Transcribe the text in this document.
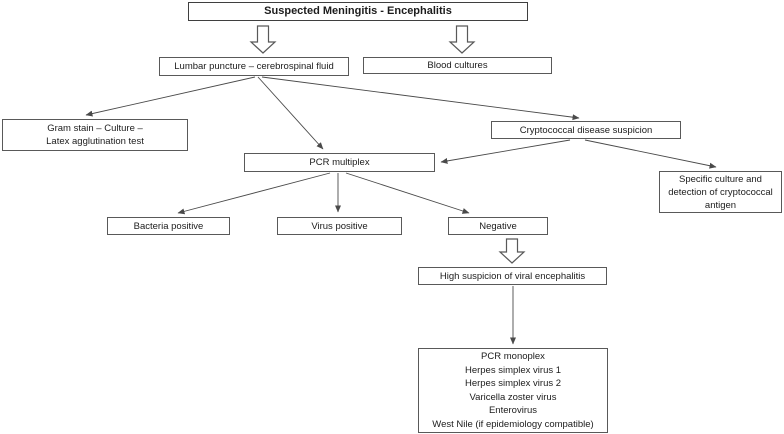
Suspected Meningitis - Encephalitis
Lumbar puncture – cerebrospinal fluid	Blood cultures
Gram stain – Culture –
Latex agglutination test
Cryptococcal disease suspicion
PCR multiplex
Specific culture and
detection of cryptococcal
antigen
Bacteria positive	Virus positive	Negative
High suspicion of viral encephalitis
PCR monoplex
Herpes simplex virus 1
Herpes simplex virus 2
Varicella zoster virus
Enterovirus
West Nile (if epidemiology compatible)
